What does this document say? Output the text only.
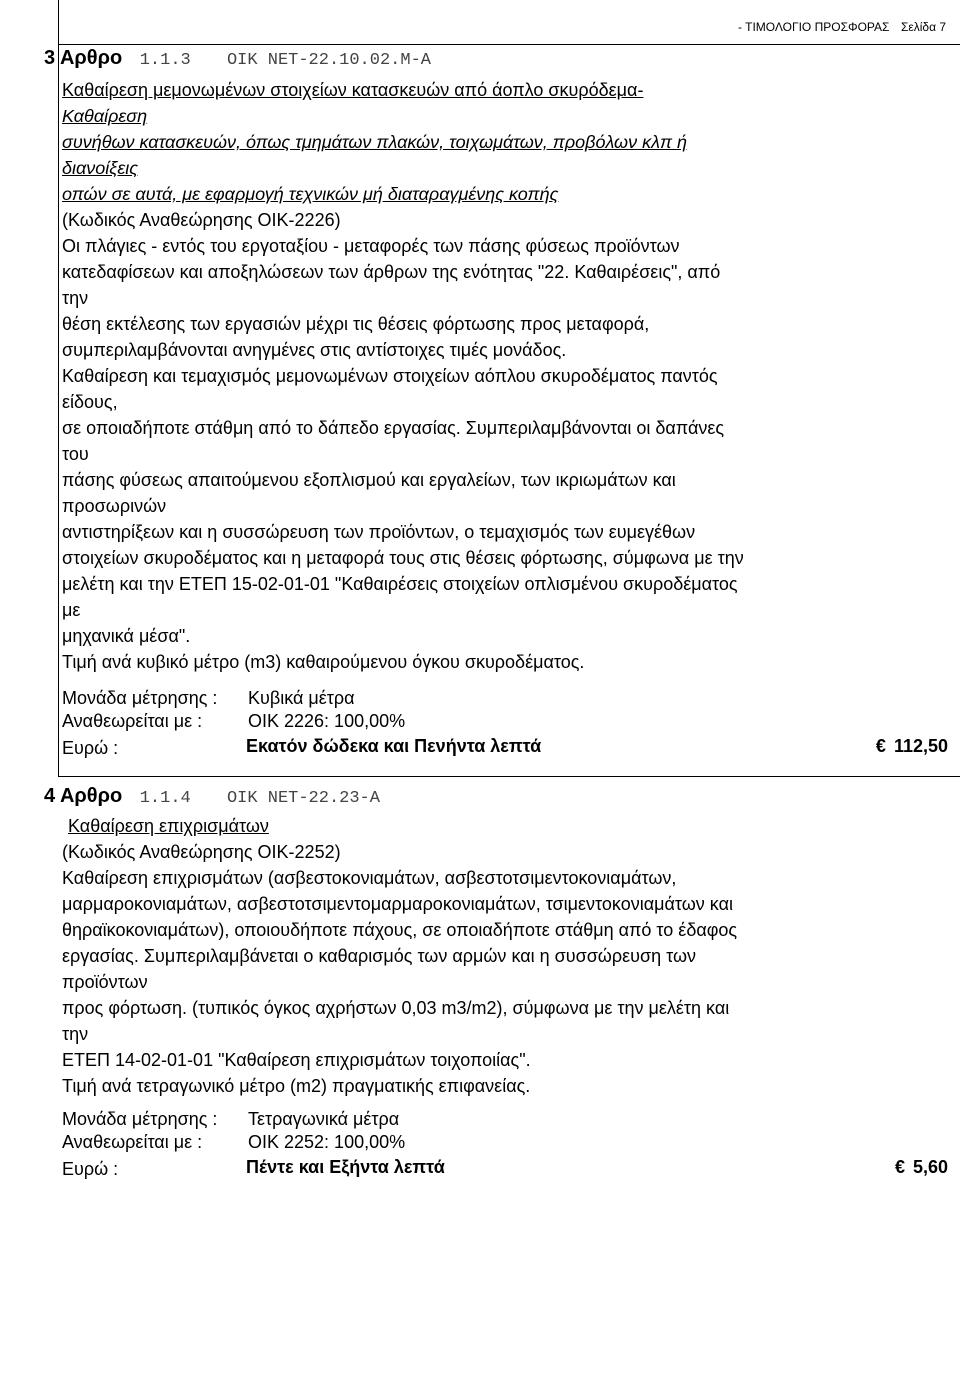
- ΤΙΜΟΛΟΓΙΟ ΠΡΟΣΦΟΡΑΣ Σελίδα 7
3 Αρθρο 1.1.3 ΟΙΚ ΝΕΤ-22.10.02.Μ-Α
Καθαίρεση μεμονωμένων στοιχείων κατασκευών από άοπλο σκυρόδεμα-
Καθαίρεση
συνήθων κατασκευών, όπως τμημάτων πλακών, τοιχωμάτων, προβόλων κλπ ή
διανοίξεις
οπών σε αυτά, με εφαρμογή τεχνικών μή διαταραγμένης κοπής
(Κωδικός Αναθεώρησης ΟΙΚ-2226)
Οι πλάγιες - εντός του εργοταξίου - μεταφορές των πάσης φύσεως προϊόντων
κατεδαφίσεων και αποξηλώσεων των άρθρων της ενότητας "22. Καθαιρέσεις", από
την
θέση εκτέλεσης των εργασιών μέχρι τις θέσεις φόρτωσης προς μεταφορά,
συμπεριλαμβάνονται ανηγμένες στις αντίστοιχες τιμές μονάδος.
Καθαίρεση και τεμαχισμός μεμονωμένων στοιχείων αόπλου σκυροδέματος παντός
είδους,
σε οποιαδήποτε στάθμη από το δάπεδο εργασίας. Συμπεριλαμβάνονται οι δαπάνες
του
πάσης φύσεως απαιτούμενου εξοπλισμού και εργαλείων, των ικριωμάτων και
προσωρινών
αντιστηρίξεων και η συσσώρευση των προϊόντων, ο τεμαχισμός των ευμεγέθων
στοιχείων σκυροδέματος και η μεταφορά τους στις θέσεις φόρτωσης, σύμφωνα με την
μελέτη και την ΕΤΕΠ 15-02-01-01 "Καθαιρέσεις στοιχείων οπλισμένου σκυροδέματος
με
μηχανικά μέσα".
Τιμή ανά κυβικό μέτρο (m3) καθαιρούμενου όγκου σκυροδέματος.
Μονάδα μέτρησης : Κυβικά μέτρα
Αναθεωρείται με :	ΟΙΚ 2226: 100,00%
Ευρώ :	Εκατόν δώδεκα και Πενήντα λεπτά	€ 112,50
4 Αρθρο 1.1.4 ΟΙΚ ΝΕΤ-22.23-Α
Καθαίρεση επιχρισμάτων
(Κωδικός Αναθεώρησης ΟΙΚ-2252)
Καθαίρεση επιχρισμάτων (ασβεστοκονιαμάτων, ασβεστοτσιμεντοκονιαμάτων,
μαρμαροκονιαμάτων, ασβεστοτσιμεντομαρμαροκονιαμάτων, τσιμεντοκονιαμάτων και
θηραϊκοκονιαμάτων), οποιουδήποτε πάχους, σε οποιαδήποτε στάθμη από το έδαφος
εργασίας. Συμπεριλαμβάνεται ο καθαρισμός των αρμών και η συσσώρευση των
προϊόντων
προς φόρτωση. (τυπικός όγκος αχρήστων 0,03 m3/m2), σύμφωνα με την μελέτη και
την
ΕΤΕΠ 14-02-01-01 "Καθαίρεση επιχρισμάτων τοιχοποιίας".
Τιμή ανά τετραγωνικό μέτρο (m2) πραγματικής επιφανείας.
Μονάδα μέτρησης : Τετραγωνικά μέτρα
Αναθεωρείται με :	ΟΙΚ 2252: 100,00%
Ευρώ :	Πέντε και Εξήντα λεπτά	€ 5,60
